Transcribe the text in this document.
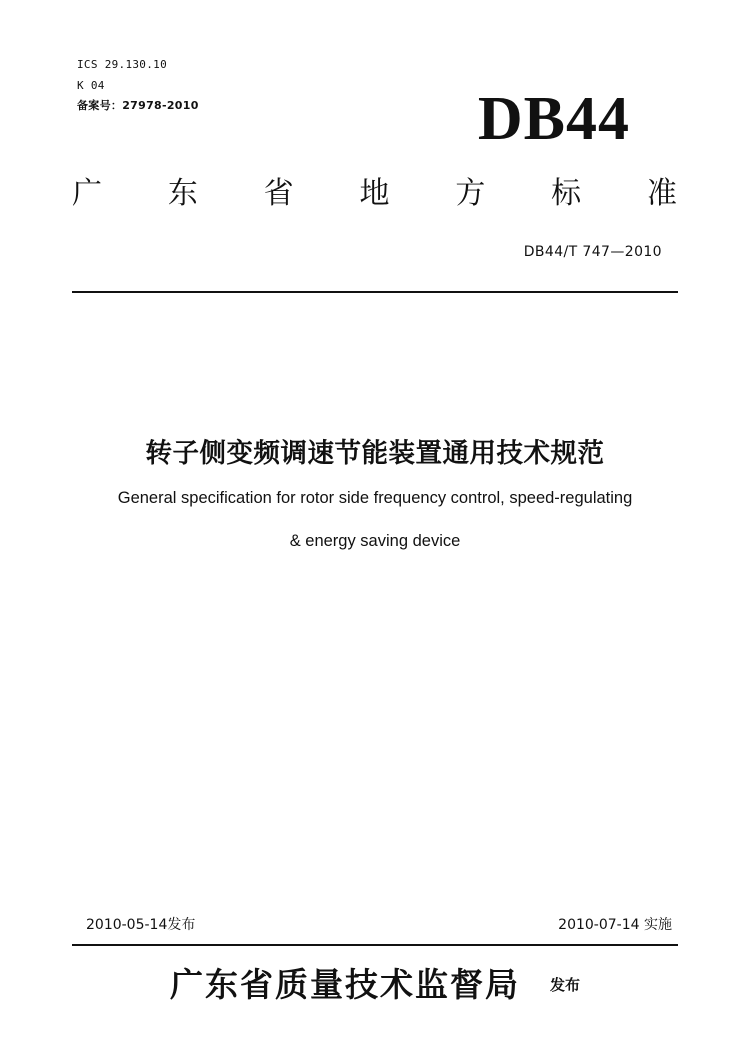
ICS 29.130.10
K 04
备案号：27978-2010	DB44
广 东 省 地 方 标 准
DB44/T 747—2010
转子侧变频调速节能装置通用技术规范
General specification for rotor side frequency control, speed-regulating
& energy saving device
2010-05-14发布	2010-07-14 实施
广东省质量技术监督局 发布
